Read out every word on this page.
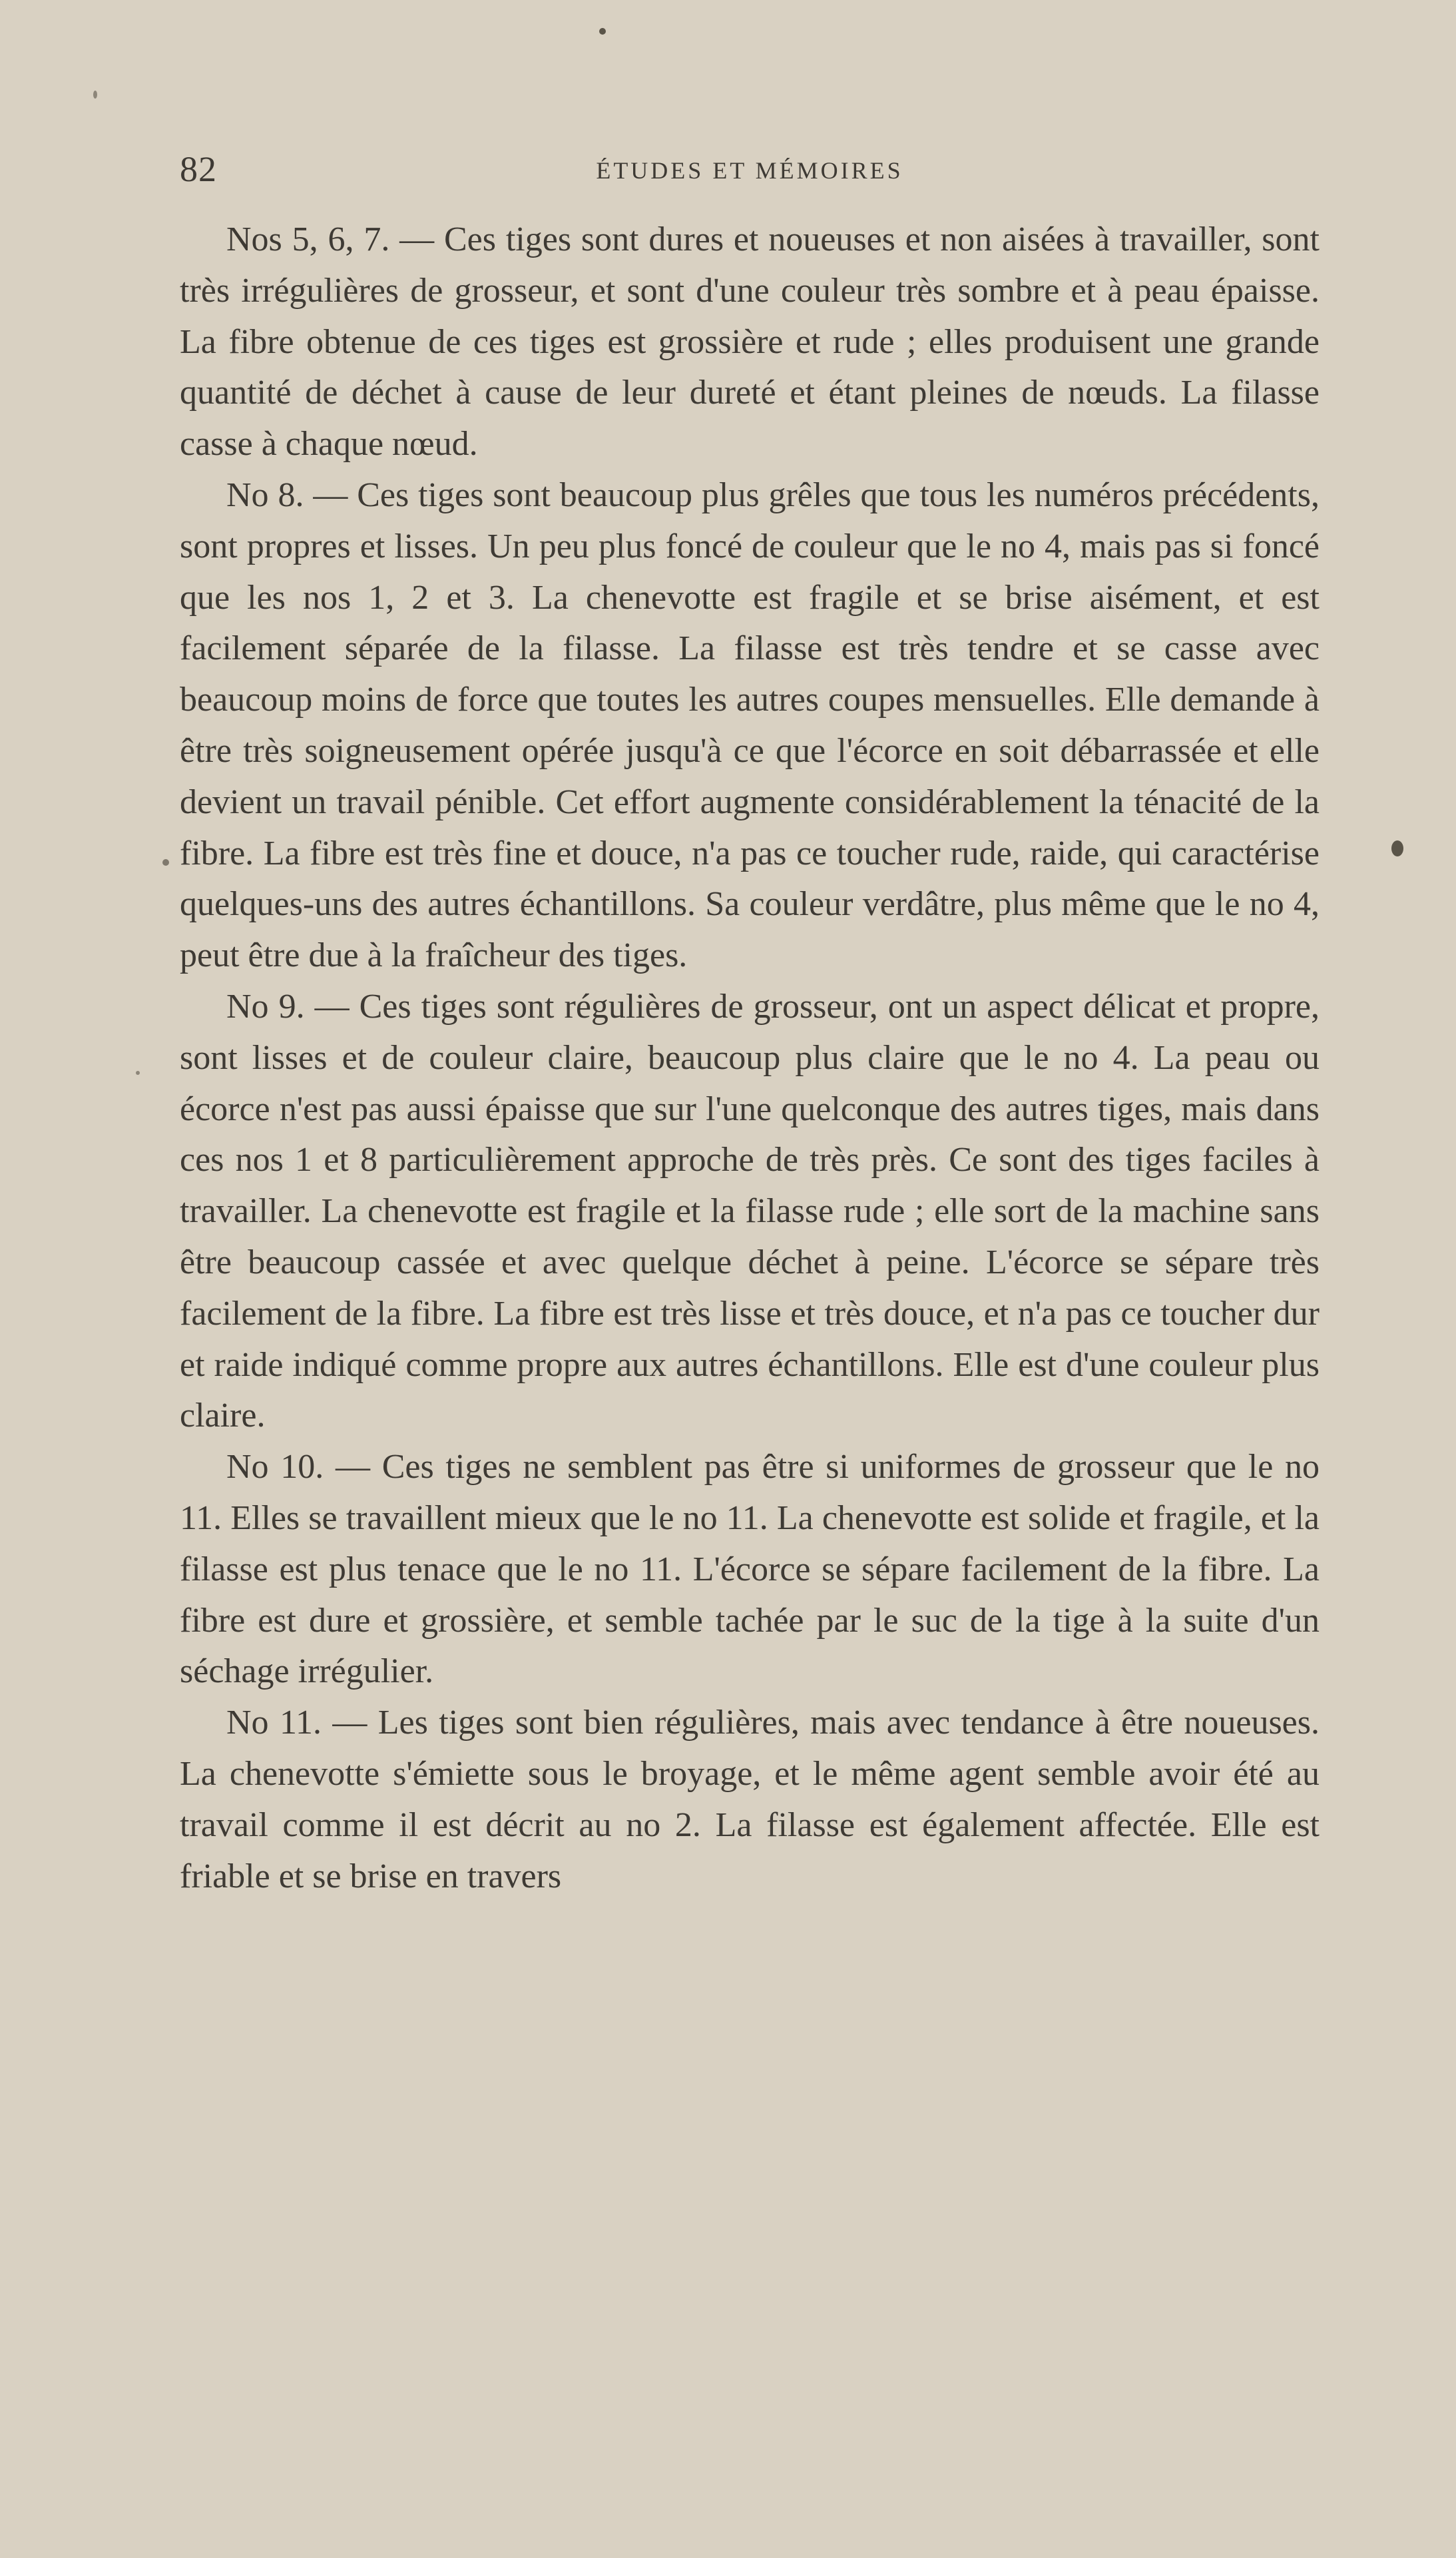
82	ÉTUDES ET MÉMOIRES

Nos 5, 6, 7. — Ces tiges sont dures et noueuses et non aisées à travailler, sont très irrégulières de grosseur, et sont d'une couleur très sombre et à peau épaisse. La fibre obtenue de ces tiges est grossière et rude ; elles produisent une grande quantité de déchet à cause de leur dureté et étant pleines de nœuds. La filasse casse à chaque nœud.

No 8. — Ces tiges sont beaucoup plus grêles que tous les numéros précédents, sont propres et lisses. Un peu plus foncé de couleur que le no 4, mais pas si foncé que les nos 1, 2 et 3. La chenevotte est fragile et se brise aisément, et est facilement séparée de la filasse. La filasse est très tendre et se casse avec beaucoup moins de force que toutes les autres coupes mensuelles. Elle demande à être très soigneusement opérée jusqu'à ce que l'écorce en soit débarrassée et elle devient un travail pénible. Cet effort augmente considérablement la ténacité de la fibre. La fibre est très fine et douce, n'a pas ce toucher rude, raide, qui caractérise quelques-uns des autres échantillons. Sa couleur verdâtre, plus même que le no 4, peut être due à la fraîcheur des tiges.

No 9. — Ces tiges sont régulières de grosseur, ont un aspect délicat et propre, sont lisses et de couleur claire, beaucoup plus claire que le no 4. La peau ou écorce n'est pas aussi épaisse que sur l'une quelconque des autres tiges, mais dans ces nos 1 et 8 particulièrement approche de très près. Ce sont des tiges faciles à travailler. La chenevotte est fragile et la filasse rude ; elle sort de la machine sans être beaucoup cassée et avec quelque déchet à peine. L'écorce se sépare très facilement de la fibre. La fibre est très lisse et très douce, et n'a pas ce toucher dur et raide indiqué comme propre aux autres échantillons. Elle est d'une couleur plus claire.

No 10. — Ces tiges ne semblent pas être si uniformes de grosseur que le no 11. Elles se travaillent mieux que le no 11. La chenevotte est solide et fragile, et la filasse est plus tenace que le no 11. L'écorce se sépare facilement de la fibre. La fibre est dure et grossière, et semble tachée par le suc de la tige à la suite d'un séchage irrégulier.

No 11. — Les tiges sont bien régulières, mais avec tendance à être noueuses. La chenevotte s'émiette sous le broyage, et le même agent semble avoir été au travail comme il est décrit au no 2. La filasse est également affectée. Elle est friable et se brise en travers
